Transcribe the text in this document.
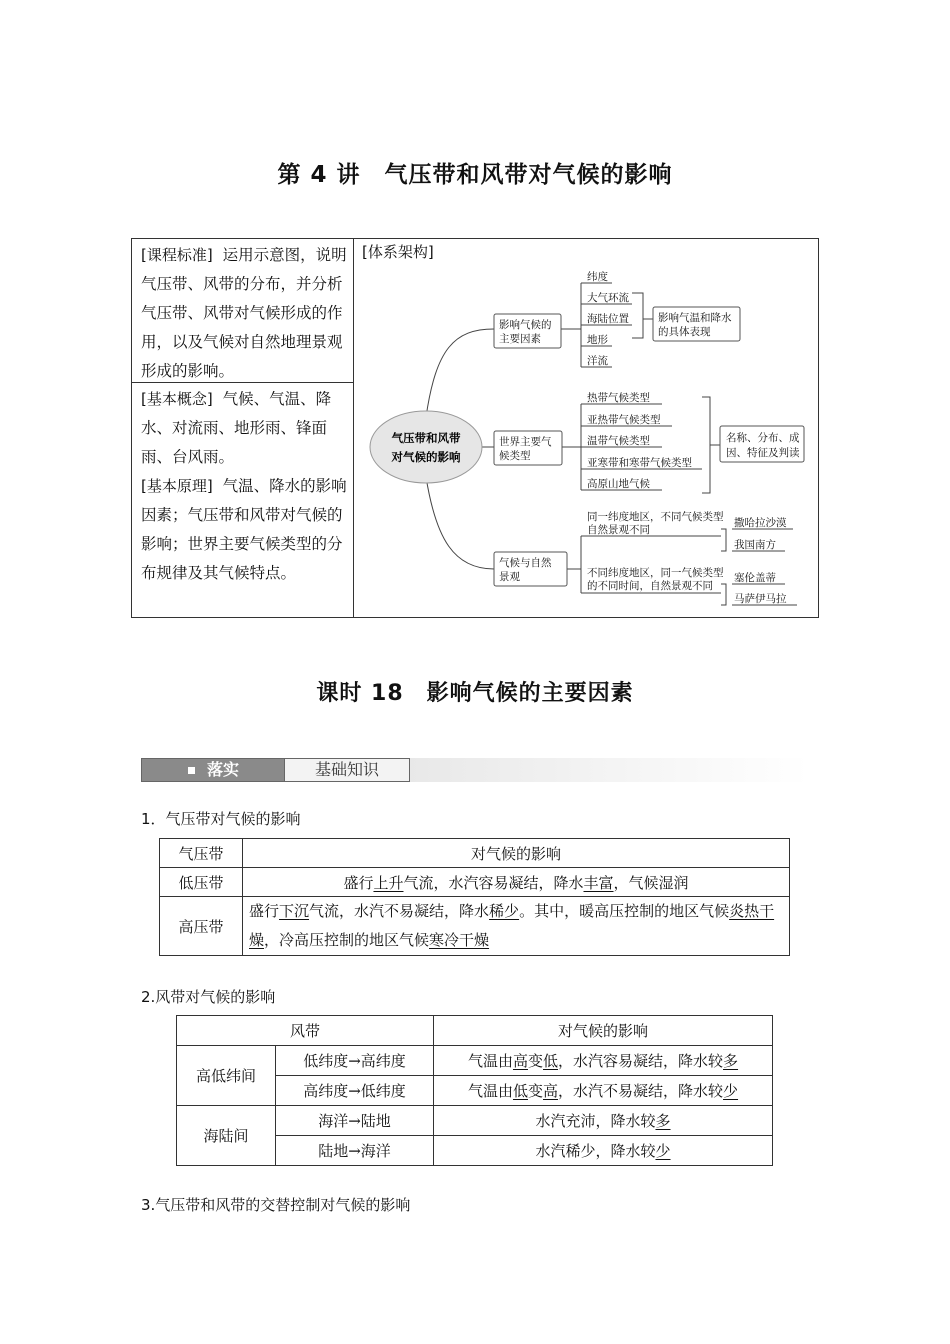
第 4 讲　气压带和风带对气候的影响
[课程标准] 运用示意图，说明气压带、风带的分布，并分析气压带、风带对气候形成的作用，以及气候对自然地理景观形成的影响。
[基本概念] 气候、气温、降水、对流雨、地形雨、锋面雨、台风雨。
[基本原理] 气温、降水的影响因素；气压带和风带对气候的影响；世界主要气候类型的分布规律及其气候特点。
[体系架构]
气压带和风带
对气候的影响
影响气候的
主要因素
世界主要气
候类型
气候与自然
景观
纬度
大气环流
海陆位置
地形
洋流
影响气温和降水
的具体表现
热带气候类型
亚热带气候类型
温带气候类型
亚寒带和寒带气候类型
高原山地气候
名称、分布、成
因、特征及判读
同一纬度地区，不同气候类型
自然景观不同
不同纬度地区，同一气候类型
的不同时间，自然景观不同
撒哈拉沙漠
我国南方
塞伦盖蒂
马萨伊马拉
课时 18　影响气候的主要因素
落实	基础知识
1．气压带对气候的影响
气压带	对气候的影响
低压带	盛行上升气流，水汽容易凝结，降水丰富，气候湿润
高压带	盛行下沉气流，水汽不易凝结，降水稀少。其中，暖高压控制的地区气候炎热干燥，冷高压控制的地区气候寒冷干燥
2.风带对气候的影响
风带		对气候的影响
高低纬间	低纬度→高纬度	气温由高变低，水汽容易凝结，降水较多
	高纬度→低纬度	气温由低变高，水汽不易凝结，降水较少
海陆间	海洋→陆地	水汽充沛，降水较多
	陆地→海洋	水汽稀少，降水较少
3.气压带和风带的交替控制对气候的影响
